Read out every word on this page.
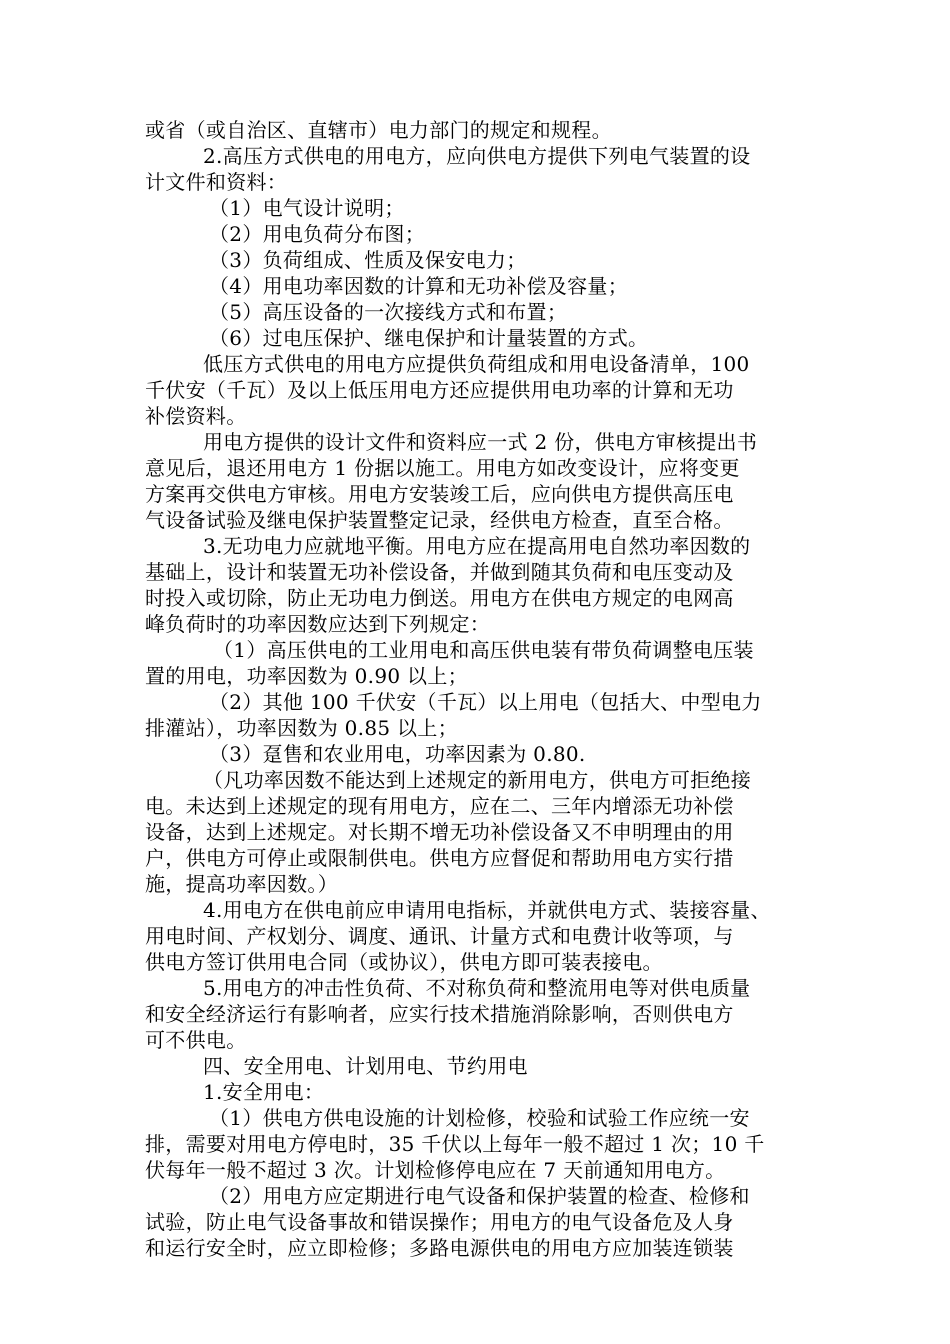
或省（或自治区、直辖市）电力部门的规定和规程。
2.高压方式供电的用电方，应向供电方提供下列电气装置的设
计文件和资料：
（1）电气设计说明；
（2）用电负荷分布图；
（3）负荷组成、性质及保安电力；
（4）用电功率因数的计算和无功补偿及容量；
（5）高压设备的一次接线方式和布置；
（6）过电压保护、继电保护和计量装置的方式。
低压方式供电的用电方应提供负荷组成和用电设备清单，100
千伏安（千瓦）及以上低压用电方还应提供用电功率的计算和无功
补偿资料。
用电方提供的设计文件和资料应一式 2 份，供电方审核提出书
意见后，退还用电方 1 份据以施工。用电方如改变设计，应将变更
方案再交供电方审核。用电方安装竣工后，应向供电方提供高压电
气设备试验及继电保护装置整定记录，经供电方检查，直至合格。
3.无功电力应就地平衡。用电方应在提高用电自然功率因数的
基础上，设计和装置无功补偿设备，并做到随其负荷和电压变动及
时投入或切除，防止无功电力倒送。用电方在供电方规定的电网高
峰负荷时的功率因数应达到下列规定：
（1）高压供电的工业用电和高压供电装有带负荷调整电压装
置的用电，功率因数为 0.90 以上；
（2）其他 100 千伏安（千瓦）以上用电（包括大、中型电力
排灌站），功率因数为 0.85 以上；
（3）趸售和农业用电，功率因素为 0.80.
（凡功率因数不能达到上述规定的新用电方，供电方可拒绝接
电。未达到上述规定的现有用电方，应在二、三年内增添无功补偿
设备，达到上述规定。对长期不增无功补偿设备又不申明理由的用
户，供电方可停止或限制供电。供电方应督促和帮助用电方实行措
施，提高功率因数。）
4.用电方在供电前应申请用电指标，并就供电方式、装接容量、
用电时间、产权划分、调度、通讯、计量方式和电费计收等项，与
供电方签订供用电合同（或协议），供电方即可装表接电。
5.用电方的冲击性负荷、不对称负荷和整流用电等对供电质量
和安全经济运行有影响者，应实行技术措施消除影响，否则供电方
可不供电。
四、安全用电、计划用电、节约用电
1.安全用电：
（1）供电方供电设施的计划检修，校验和试验工作应统一安
排，需要对用电方停电时，35 千伏以上每年一般不超过 1 次；10 千
伏每年一般不超过 3 次。计划检修停电应在 7 天前通知用电方。
（2）用电方应定期进行电气设备和保护装置的检查、检修和
试验，防止电气设备事故和错误操作；用电方的电气设备危及人身
和运行安全时，应立即检修；多路电源供电的用电方应加装连锁装
